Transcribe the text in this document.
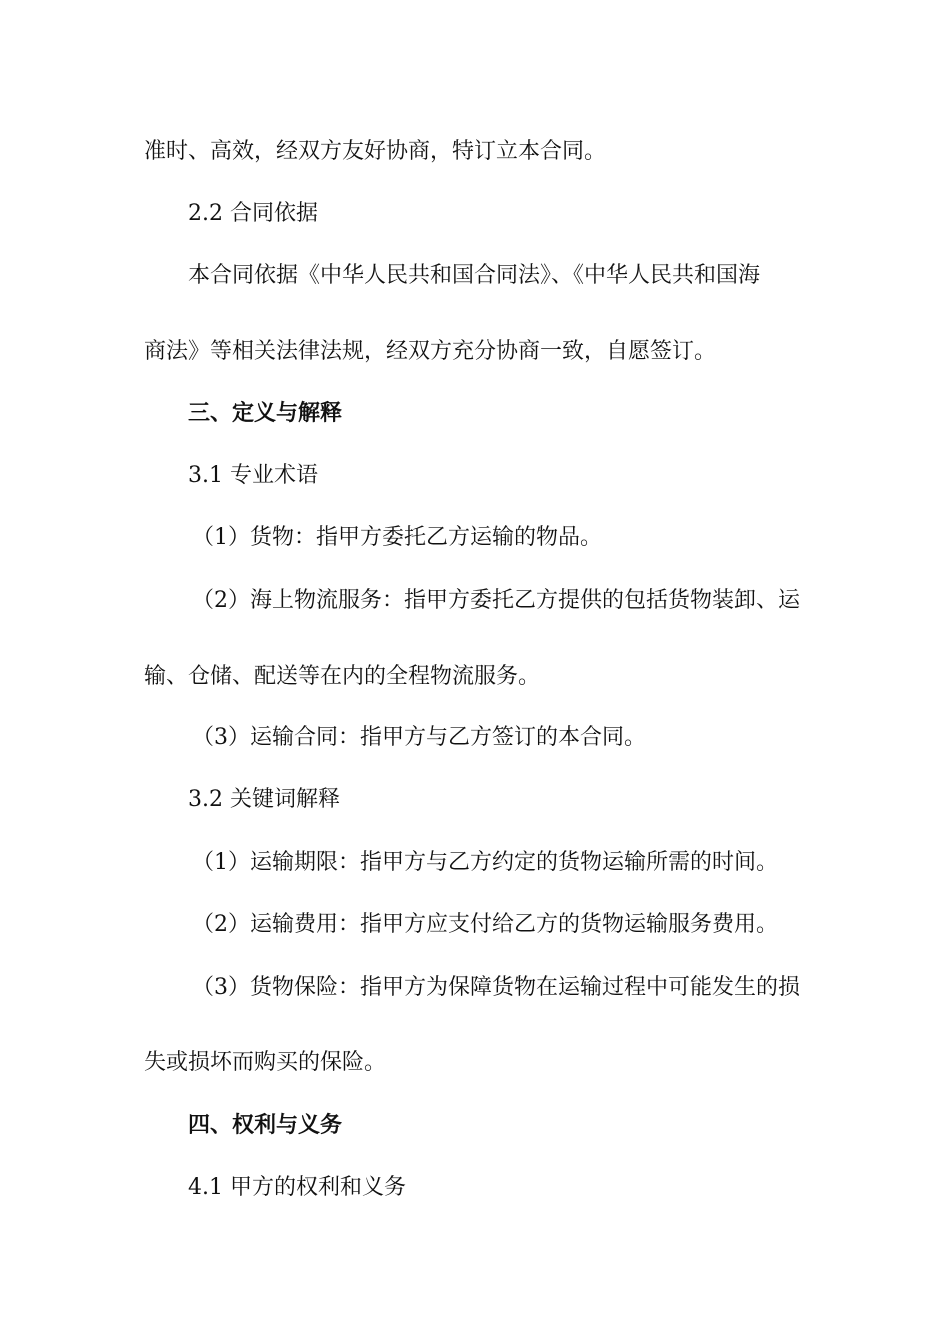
准时、高效，经双方友好协商，特订立本合同。
2.2 合同依据
本合同依据《中华人民共和国合同法》、《中华人民共和国海
商法》等相关法律法规，经双方充分协商一致，自愿签订。
三、定义与解释
3.1 专业术语
（1）货物：指甲方委托乙方运输的物品。
（2）海上物流服务：指甲方委托乙方提供的包括货物装卸、运
输、仓储、配送等在内的全程物流服务。
（3）运输合同：指甲方与乙方签订的本合同。
3.2 关键词解释
（1）运输期限：指甲方与乙方约定的货物运输所需的时间。
（2）运输费用：指甲方应支付给乙方的货物运输服务费用。
（3）货物保险：指甲方为保障货物在运输过程中可能发生的损
失或损坏而购买的保险。
四、权利与义务
4.1 甲方的权利和义务
